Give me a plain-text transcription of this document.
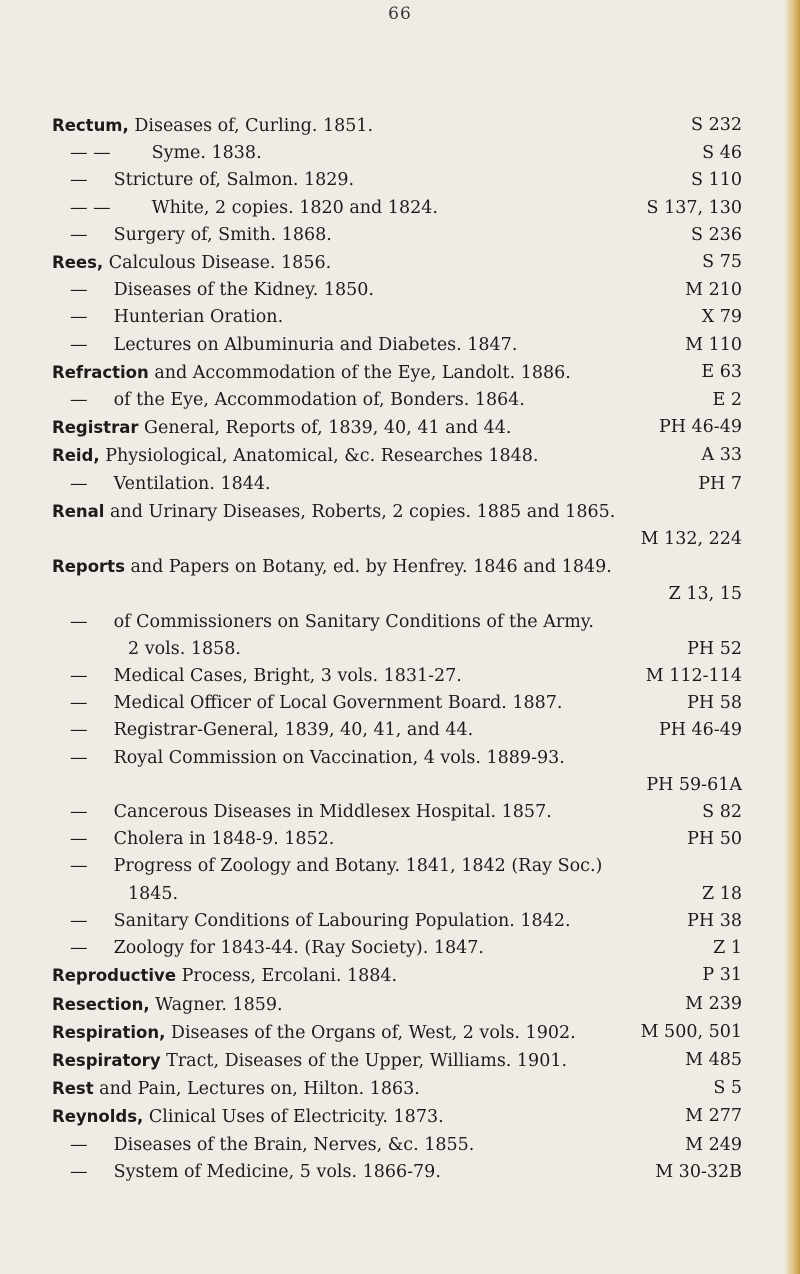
66
Rectum, Diseases of, Curling. 1851.	S 232
— — Syme. 1838.	S 46
— Stricture of, Salmon. 1829.	S 110
— — White, 2 copies. 1820 and 1824.	S 137, 130
— Surgery of, Smith. 1868.	S 236
Rees, Calculous Disease. 1856.	S 75
— Diseases of the Kidney. 1850.	M 210
— Hunterian Oration.	X 79
— Lectures on Albuminuria and Diabetes. 1847.	M 110
Refraction and Accommodation of the Eye, Landolt. 1886.	E 63
— of the Eye, Accommodation of, Bonders. 1864.	E 2
Registrar General, Reports of, 1839, 40, 41 and 44.	PH 46-49
Reid, Physiological, Anatomical, &c. Researches 1848.	A 33
— Ventilation. 1844.	PH 7
Renal and Urinary Diseases, Roberts, 2 copies. 1885 and 1865.
M 132, 224
Reports and Papers on Botany, ed. by Henfrey. 1846 and 1849.
Z 13, 15
— of Commissioners on Sanitary Conditions of the Army.
2 vols. 1858.	PH 52
— Medical Cases, Bright, 3 vols. 1831-27.	M 112-114
— Medical Officer of Local Government Board. 1887.	PH 58
— Registrar-General, 1839, 40, 41, and 44.	PH 46-49
— Royal Commission on Vaccination, 4 vols. 1889-93.
PH 59-61A
— Cancerous Diseases in Middlesex Hospital. 1857.	S 82
— Cholera in 1848-9. 1852.	PH 50
— Progress of Zoology and Botany. 1841, 1842 (Ray Soc.)
1845.	Z 18
— Sanitary Conditions of Labouring Population. 1842.	PH 38
— Zoology for 1843-44. (Ray Society). 1847.	Z 1
Reproductive Process, Ercolani. 1884.	P 31
Resection, Wagner. 1859.	M 239
Respiration, Diseases of the Organs of, West, 2 vols. 1902.	M 500, 501
Respiratory Tract, Diseases of the Upper, Williams. 1901.	M 485
Rest and Pain, Lectures on, Hilton. 1863.	S 5
Reynolds, Clinical Uses of Electricity. 1873.	M 277
— Diseases of the Brain, Nerves, &c. 1855.	M 249
— System of Medicine, 5 vols. 1866-79.	M 30-32B
